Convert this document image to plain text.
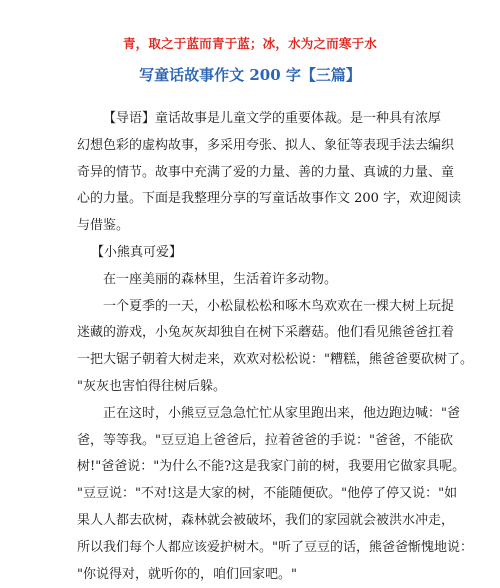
青，取之于蓝而青于蓝；冰，水为之而寒于水
写童话故事作文 200 字【三篇】
【导语】童话故事是儿童文学的重要体裁。是一种具有浓厚
幻想色彩的虚构故事，多采用夸张、拟人、象征等表现手法去编织
奇异的情节。故事中充满了爱的力量、善的力量、真诚的力量、童
心的力量。下面是我整理分享的写童话故事作文 200 字，欢迎阅读
与借鉴。
【小熊真可爱】
在一座美丽的森林里，生活着许多动物。
一个夏季的一天，小松鼠松松和啄木鸟欢欢在一棵大树上玩捉
迷藏的游戏，小兔灰灰却独自在树下采蘑菇。他们看见熊爸爸扛着
一把大锯子朝着大树走来，欢欢对松松说："糟糕，熊爸爸要砍树了。
"灰灰也害怕得往树后躲。
正在这时，小熊豆豆急急忙忙从家里跑出来，他边跑边喊："爸
爸，等等我。"豆豆追上爸爸后，拉着爸爸的手说："爸爸，不能砍
树!"爸爸说："为什么不能?这是我家门前的树，我要用它做家具呢。
"豆豆说："不对!这是大家的树，不能随便砍。"他停了停又说："如
果人人都去砍树，森林就会被破坏，我们的家园就会被洪水冲走，
所以我们每个人都应该爱护树木。"听了豆豆的话，熊爸爸惭愧地说：
"你说得对，就听你的，咱们回家吧。"
